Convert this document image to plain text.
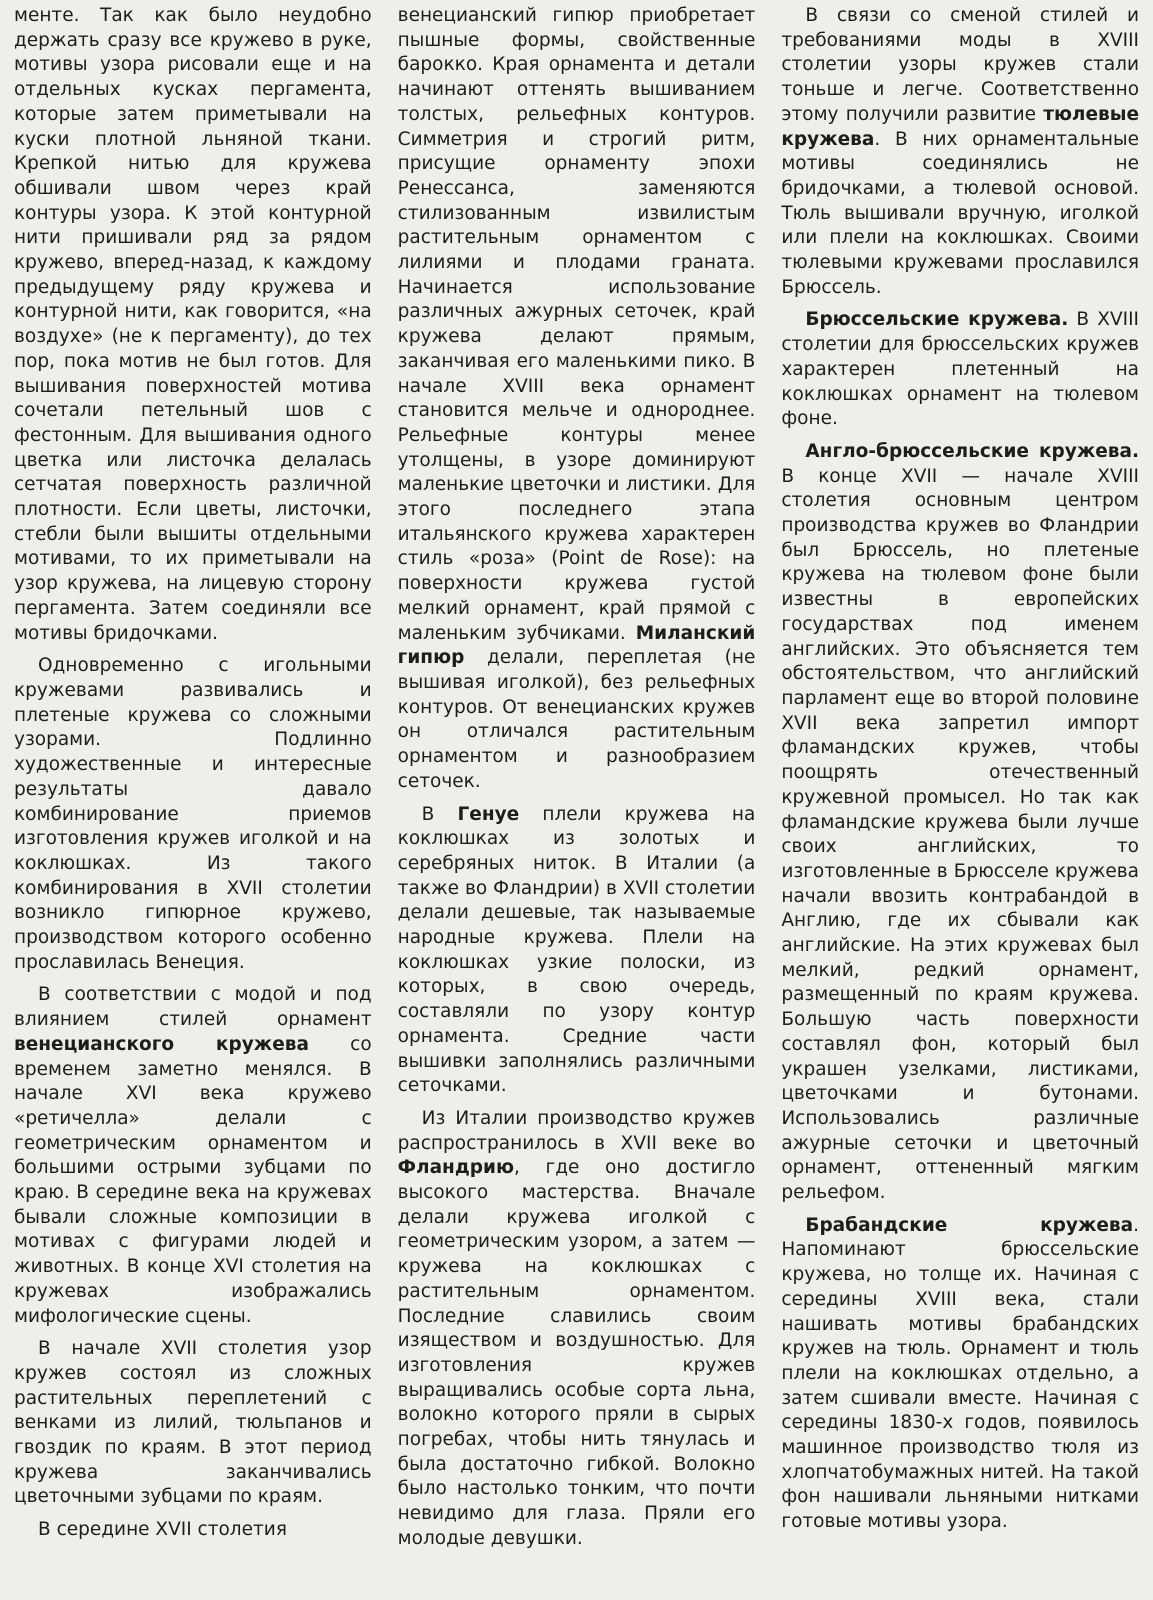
менте. Так как было неудобно держать сразу все кружево в руке, мотивы узора рисовали еще и на отдельных кусках пергамента, которые затем приметывали на куски плотной льняной ткани. Крепкой нитью для кружева обшивали швом через край контуры узора. К этой контурной нити пришивали ряд за рядом кружево, вперед-назад, к каждому предыдущему ряду кружева и контурной нити, как говорится, «на воздухе» (не к пергаменту), до тех пор, пока мотив не был готов. Для вышивания поверхностей мотива сочетали петельный шов с фестонным. Для вышивания одного цветка или листочка делалась сетчатая поверхность различной плотности. Если цветы, листочки, стебли были вышиты отдельными мотивами, то их приметывали на узор кружева, на лицевую сторону пергамента. Затем соединяли все мотивы бридочками.

Одновременно с игольными кружевами развивались и плетеные кружева со сложными узорами. Подлинно художественные и интересные результаты давало комбинирование приемов изготовления кружев иголкой и на коклюшках. Из такого комбинирования в XVII столетии возникло гипюрное кружево, производством которого особенно прославилась Венеция.

В соответствии с модой и под влиянием стилей орнамент венецианского кружева со временем заметно менялся. В начале XVI века кружево «ретичелла» делали с геометрическим орнаментом и большими острыми зубцами по краю. В середине века на кружевах бывали сложные композиции в мотивах с фигурами людей и животных. В конце XVI столетия на кружевах изображались мифологические сцены.

В начале XVII столетия узор кружев состоял из сложных растительных переплетений с венками из лилий, тюльпанов и гвоздик по краям. В этот период кружева заканчивались цветочными зубцами по краям.

В середине XVII столетия

венецианский гипюр приобретает пышные формы, свойственные барокко. Края орнамента и детали начинают оттенять вышиванием толстых, рельефных контуров. Симметрия и строгий ритм, присущие орнаменту эпохи Ренессанса, заменяются стилизованным извилистым растительным орнаментом с лилиями и плодами граната. Начинается использование различных ажурных сеточек, край кружева делают прямым, заканчивая его маленькими пико. В начале XVIII века орнамент становится мельче и однороднее. Рельефные контуры менее утолщены, в узоре доминируют маленькие цветочки и листики. Для этого последнего этапа итальянского кружева характерен стиль «роза» (Point de Rose): на поверхности кружева густой мелкий орнамент, край прямой с маленьким зубчиками. Миланский гипюр делали, переплетая (не вышивая иголкой), без рельефных контуров. От венецианских кружев он отличался растительным орнаментом и разнообразием сеточек.

В Генуе плели кружева на коклюшках из золотых и серебряных ниток. В Италии (а также во Фландрии) в XVII столетии делали дешевые, так называемые народные кружева. Плели на коклюшках узкие полоски, из которых, в свою очередь, составляли по узору контур орнамента. Средние части вышивки заполнялись различными сеточками.

Из Италии производство кружев распространилось в XVII веке во Фландрию, где оно достигло высокого мастерства. Вначале делали кружева иголкой с геометрическим узором, а затем — кружева на коклюшках с растительным орнаментом. Последние славились своим изяществом и воздушностью. Для изготовления кружев выращивались особые сорта льна, волокно которого пряли в сырых погребах, чтобы нить тянулась и была достаточно гибкой. Волокно было настолько тонким, что почти невидимо для глаза. Пряли его молодые девушки.

В связи со сменой стилей и требованиями моды в XVIII столетии узоры кружев стали тоньше и легче. Соответственно этому получили развитие тюлевые кружева. В них орнаментальные мотивы соединялись не бридочками, а тюлевой основой. Тюль вышивали вручную, иголкой или плели на коклюшках. Своими тюлевыми кружевами прославился Брюссель.

Брюссельские кружева. В XVIII столетии для брюссельских кружев характерен плетенный на коклюшках орнамент на тюлевом фоне.

Англо-брюссельские кружева. В конце XVII — начале XVIII столетия основным центром производства кружев во Фландрии был Брюссель, но плетеные кружева на тюлевом фоне были известны в европейских государствах под именем английских. Это объясняется тем обстоятельством, что английский парламент еще во второй половине XVII века запретил импорт фламандских кружев, чтобы поощрять отечественный кружевной промысел. Но так как фламандские кружева были лучше своих английских, то изготовленные в Брюсселе кружева начали ввозить контрабандой в Англию, где их сбывали как английские. На этих кружевах был мелкий, редкий орнамент, размещенный по краям кружева. Большую часть поверхности составлял фон, который был украшен узелками, листиками, цветочками и бутонами. Использовались различные ажурные сеточки и цветочный орнамент, оттененный мягким рельефом.

Брабандские кружева. Напоминают брюссельские кружева, но толще их. Начиная с середины XVIII века, стали нашивать мотивы брабандских кружев на тюль. Орнамент и тюль плели на коклюшках отдельно, а затем сшивали вместе. Начиная с середины 1830-х годов, появилось машинное производство тюля из хлопчатобумажных нитей. На такой фон нашивали льняными нитками готовые мотивы узора.
